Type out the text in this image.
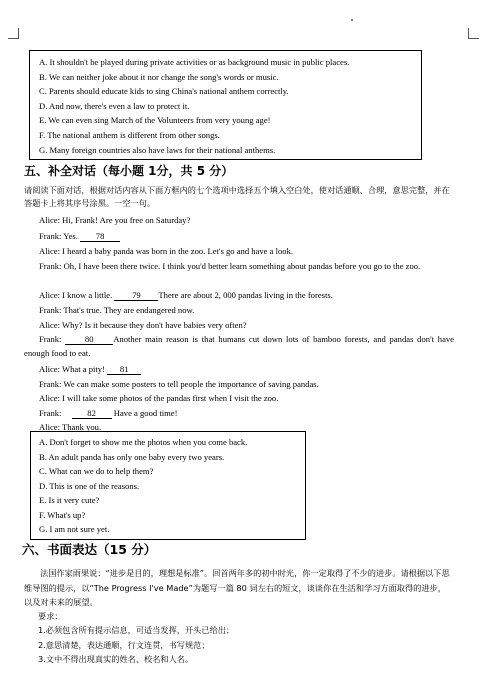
A. It shouldn't be played during private activities or as background music in public places.
B. We can neither joke about it nor change the song's words or music.
C. Parents should educate kids to sing China's national anthem correctly.
D. And now, there's even a law to protect it.
E. We can even sing March of the Volunteers from very young age!
F. The national anthem is different from other songs.
G. Many foreign countries also have laws for their national anthems.
五、补全对话（每小题 1分，共 5 分）
请阅读下面对话，根据对话内容从下面方框内的七个选项中选择五个填入空白处，使对话通顺、合理，意思完整，并在答题卡上将其序号涂黑。一空一句。
Alice: Hi, Frank! Are you free on Saturday?
Frank: Yes. 78
Alice: I heard a baby panda was born in the zoo. Let's go and have a look.
Frank: Oh, I have been there twice. I think you'd better learn something about pandas before you go to the zoo.
Alice: I know a little. 79 There are about 2, 000 pandas living in the forests.
Frank: That's true. They are endangered now.
Alice: Why? Is it because they don't have babies very often?
Frank:	80 Another main reason is that humans cut down lots of bamboo forests, and pandas don't have enough food to eat.
Alice: What a pity! 81
Frank: We can make some posters to tell people the importance of saving pandas.
Alice: I will take some photos of the pandas first when I visit the zoo.
Frank:	82 Have a good time!
Alice: Thank you.
A. Don't forget to show me the photos when you come back.
B. An adult panda has only one baby every two years.
C. What can we do to help them?
D. This is one of the reasons.
E. Is it very cute?
F. What's up?
G. I am not sure yet.
六、书面表达（15 分）
法国作家雨果说：“进步是目的，理想是标准”。回首两年多的初中时光，你一定取得了不少的进步。请根据以下思维导图的提示，以“The Progress I've Made”为题写一篇 80 词左右的短文，谈谈你在生活和学习方面取得的进步，以及对未来的展望。
要求：
1.必须包含所有提示信息，可适当发挥，开头已给出；
2.意思清楚，表达通顺，行文连贯，书写规范；
3.文中不得出现真实的姓名、校名和人名。
